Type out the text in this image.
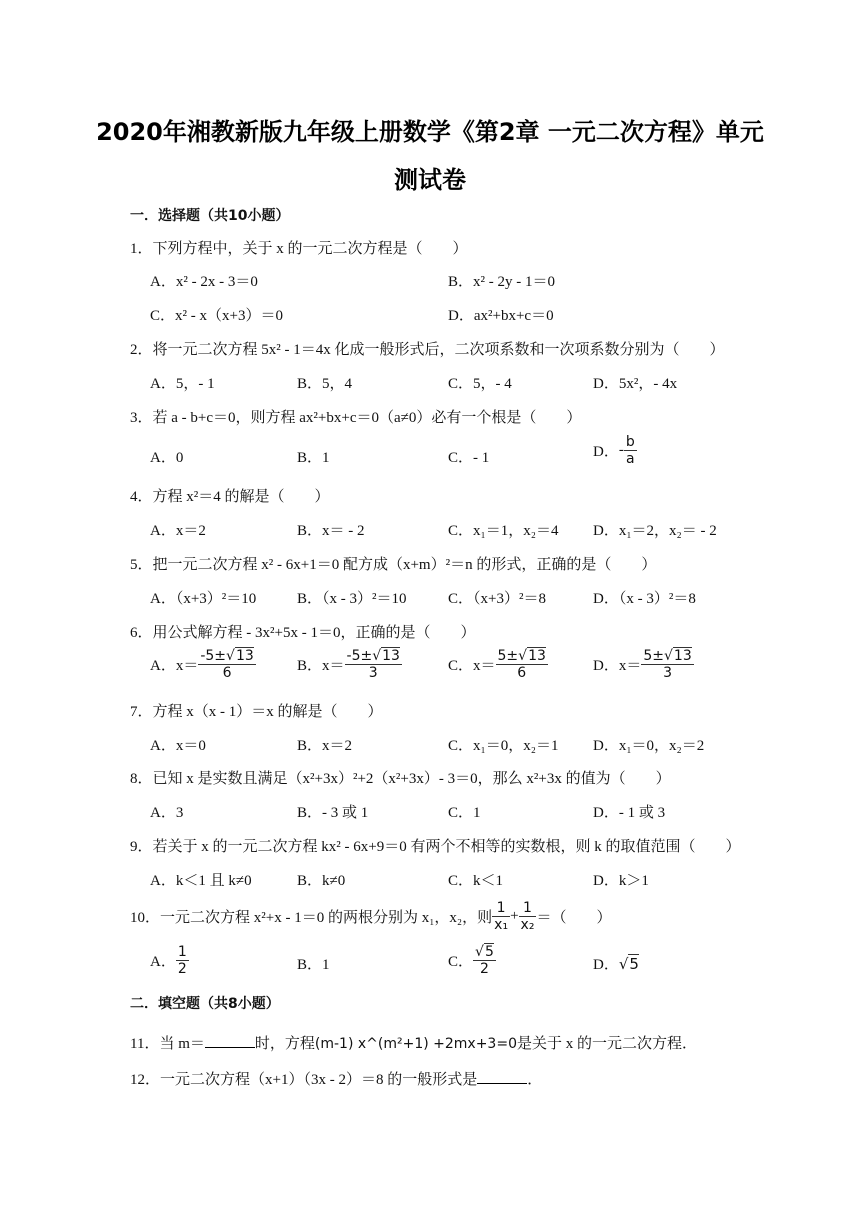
2020年湘教新版九年级上册数学《第2章 一元二次方程》单元
测试卷
一．选择题（共10小题）
1．下列方程中，关于 x 的一元二次方程是（　　）
A．x² - 2x - 3＝0	B．x² - 2y - 1＝0
C．x² - x（x+3）＝0	D．ax²+bx+c＝0
2．将一元二次方程 5x² - 1＝4x 化成一般形式后，二次项系数和一次项系数分别为（　　）
A．5，- 1	B．5，4	C．5，- 4	D．5x²，- 4x
3．若 a - b+c＝0，则方程 ax²+bx+c＝0（a≠0）必有一个根是（　　）
A．0	B．1	C．- 1	D．- $\frac{b}{a}$
4．方程 x²＝4 的解是（　　）
A．x＝2	B．x＝ - 2	C．x₁＝1，x₂＝4 D．x₁＝2，x₂＝ - 2
5．把一元二次方程 x² - 6x+1＝0 配方成（x+m）²＝n 的形式，正确的是（　　）
A．（x+3）²＝10	B．（x - 3）²＝10	C．（x+3）²＝8	D．（x - 3）²＝8
6．用公式解方程 - 3x²+5x - 1＝0，正确的是（　　）
A．$x= \frac{-5\pm√13}{6}$	B．$x= \frac{-5\pm√13}{3}$	C．$x= \frac{5\pm√13}{6}$	D．$x= \frac{5\pm√13}{3}$
7．方程 x（x - 1）＝x 的解是（　　）
A．x＝0	B．x＝2	C．x₁＝0，x₂＝1 D．x₁＝0，x₂＝2
8．已知 x 是实数且满足（x²+3x）²+2（x²+3x）- 3＝0，那么 x²+3x 的值为（　　）
A．3	B．- 3 或 1	C．1	D．- 1 或 3
9．若关于 x 的一元二次方程 kx² - 6x+9＝0 有两个不相等的实数根，则 k 的取值范围（　　）
A．k＜1 且 k≠0	B．k≠0	C．k＜1	D．k＞1
10．一元二次方程 x²+x - 1＝0 的两根分别为 x₁，x₂，则 $\frac{1}{\text{x₁}} + \frac{1}{\text{x₂}}$ ＝（　　）
A． $\frac{1}{2}$	B．1	C． $\frac{√5}{2}$	D．√5
二．填空题（共8小题）
11．当 m＝	时，方程(m-1) x^(m²+1) +2mx+3=0是关于 x 的一元二次方程．
12．一元二次方程（x+1）（3x - 2）＝8 的一般形式是	．
